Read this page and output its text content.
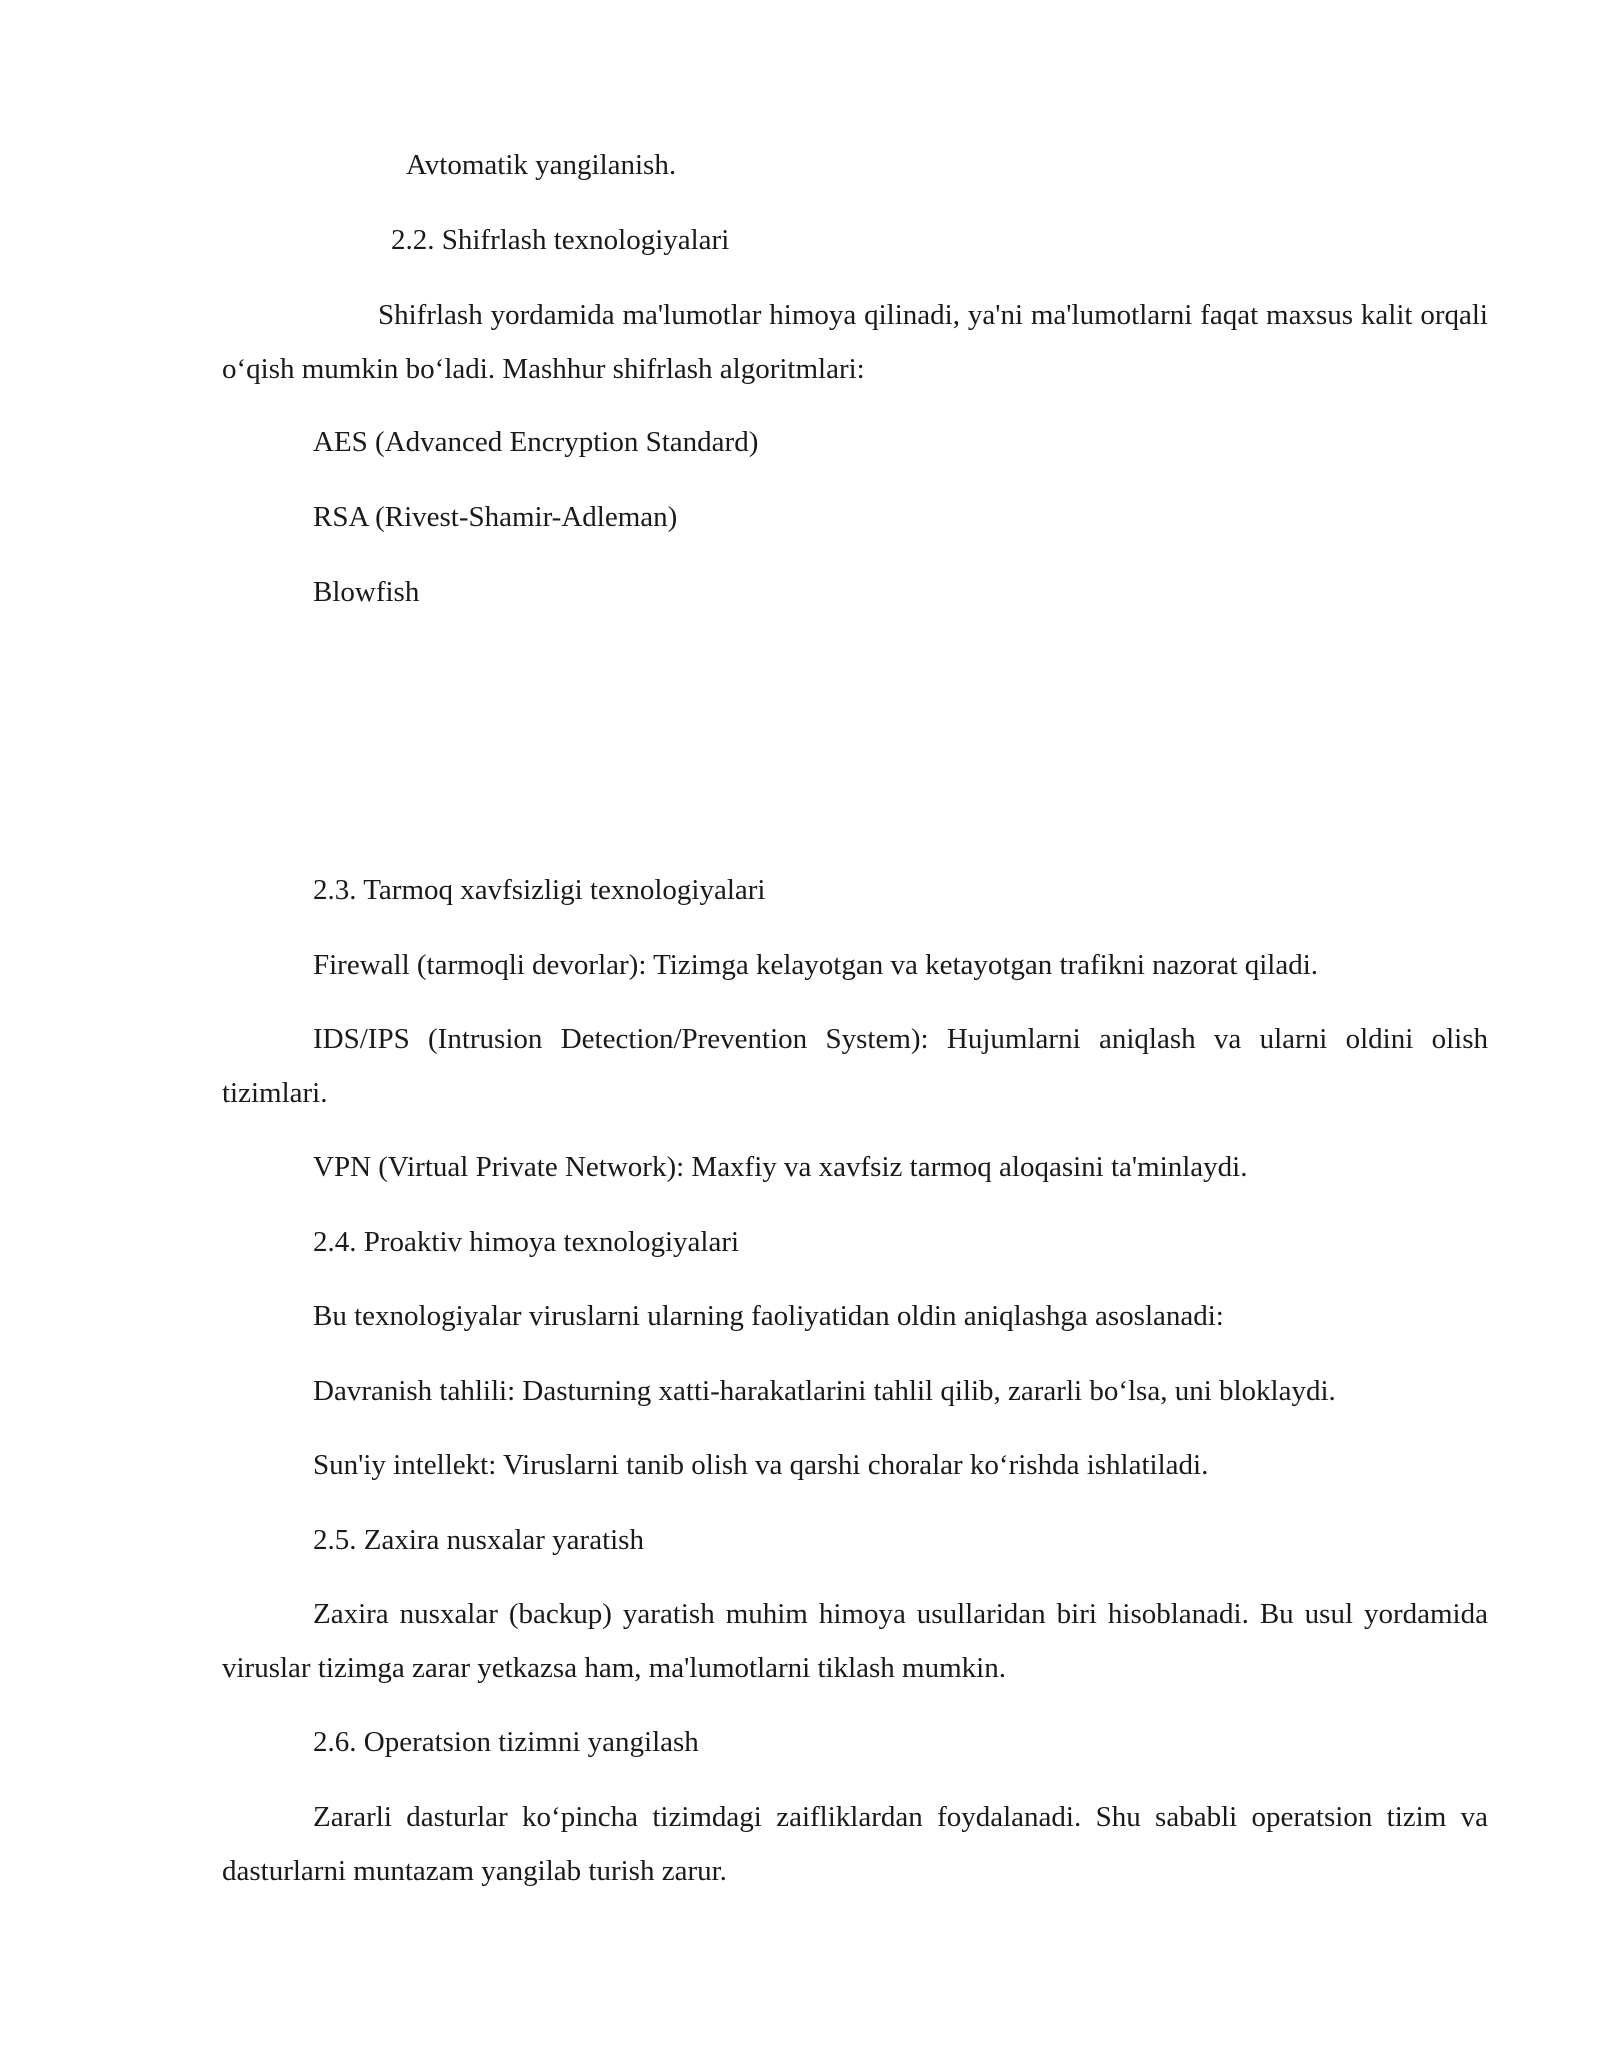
Avtomatik yangilanish.

2.2. Shifrlash texnologiyalari

Shifrlash yordamida ma'lumotlar himoya qilinadi, ya'ni ma'lumotlarni faqat maxsus kalit orqali o‘qish mumkin bo‘ladi. Mashhur shifrlash algoritmlari:

AES (Advanced Encryption Standard)

RSA (Rivest-Shamir-Adleman)

Blowfish

2.3. Tarmoq xavfsizligi texnologiyalari

Firewall (tarmoqli devorlar): Tizimga kelayotgan va ketayotgan trafikni nazorat qiladi.

IDS/IPS (Intrusion Detection/Prevention System): Hujumlarni aniqlash va ularni oldini olish tizimlari.

VPN (Virtual Private Network): Maxfiy va xavfsiz tarmoq aloqasini ta'minlaydi.

2.4. Proaktiv himoya texnologiyalari

Bu texnologiyalar viruslarni ularning faoliyatidan oldin aniqlashga asoslanadi:

Davranish tahlili: Dasturning xatti-harakatlarini tahlil qilib, zararli bo‘lsa, uni bloklaydi.

Sun'iy intellekt: Viruslarni tanib olish va qarshi choralar ko‘rishda ishlatiladi.

2.5. Zaxira nusxalar yaratish

Zaxira nusxalar (backup) yaratish muhim himoya usullaridan biri hisoblanadi. Bu usul yordamida viruslar tizimga zarar yetkazsa ham, ma'lumotlarni tiklash mumkin.

2.6. Operatsion tizimni yangilash

Zararli dasturlar ko‘pincha tizimdagi zaifliklardan foydalanadi. Shu sababli operatsion tizim va dasturlarni muntazam yangilab turish zarur.
